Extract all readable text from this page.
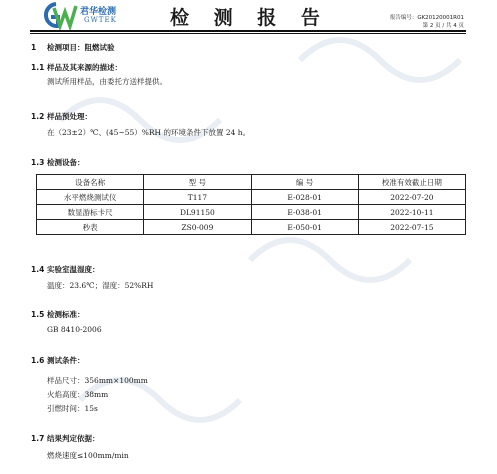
君华检测
GWTEK	检 测 报 告	报告编号：GK20120001R01
第 2 页 / 共 4 页
1 检测项目：阻燃试验
1.1 样品及其来源的描述：
测试所用样品，由委托方送样提供。
1.2 样品预处理：
在（23±2）℃、(45~55）%RH 的环境条件下放置 24 h。
1.3 检测设备：
设备名称	型 号	编 号	校准有效截止日期
水平燃烧测试仪	T117	E-028-01	2022-07-20
数显游标卡尺	DL91150	E-038-01	2022-10-11
秒表	ZS0-009	E-050-01	2022-07-15
1.4 实验室温湿度：
温度：23.6℃；湿度：52%RH
1.5 检测标准：
GB 8410-2006
1.6 测试条件：
样品尺寸：356mm×100mm
火焰高度：38mm
引燃时间：15s
1.7 结果判定依据：
燃烧速度≤100mm/min
